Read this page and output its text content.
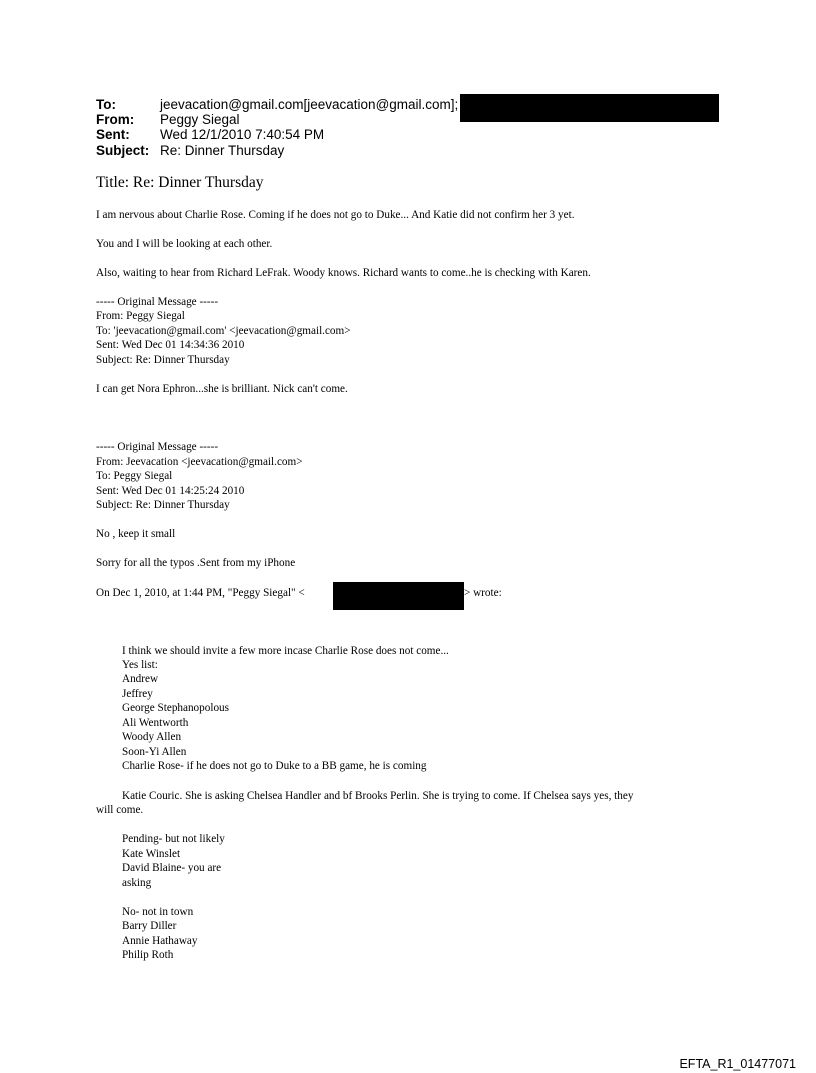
To:	jeevacation@gmail.com[jeevacation@gmail.com];
From: Peggy Siegal
Sent: Wed 12/1/2010 7:40:54 PM
Subject: Re: Dinner Thursday
Title: Re: Dinner Thursday
I am nervous about Charlie Rose. Coming if he does not go to Duke... And Katie did not confirm her 3 yet.
You and I will be looking at each other.
Also, waiting to hear from Richard LeFrak. Woody knows. Richard wants to come..he is checking with Karen.
----- Original Message -----
From: Peggy Siegal
To: 'jeevacation@gmail.com' <jeevacation@gmail.com>
Sent: Wed Dec 01 14:34:36 2010
Subject: Re: Dinner Thursday
I can get Nora Ephron...she is brilliant. Nick can't come.
----- Original Message -----
From: Jeevacation <jeevacation@gmail.com>
To: Peggy Siegal
Sent: Wed Dec 01 14:25:24 2010
Subject: Re: Dinner Thursday
No , keep it small
Sorry for all the typos .Sent from my iPhone
On Dec 1, 2010, at 1:44 PM, "Peggy Siegal" <	> wrote:
I think we should invite a few more incase Charlie Rose does not come...
Yes list:
Andrew
Jeffrey
George Stephanopolous
Ali Wentworth
Woody Allen
Soon-Yi Allen
Charlie Rose- if he does not go to Duke to a BB game, he is coming
Katie Couric. She is asking Chelsea Handler and bf Brooks Perlin. She is trying to come. If Chelsea says yes, they
will come.
Pending- but not likely
Kate Winslet
David Blaine- you are
asking
No- not in town
Barry Diller
Annie Hathaway
Philip Roth
EFTA_R1_01477071
